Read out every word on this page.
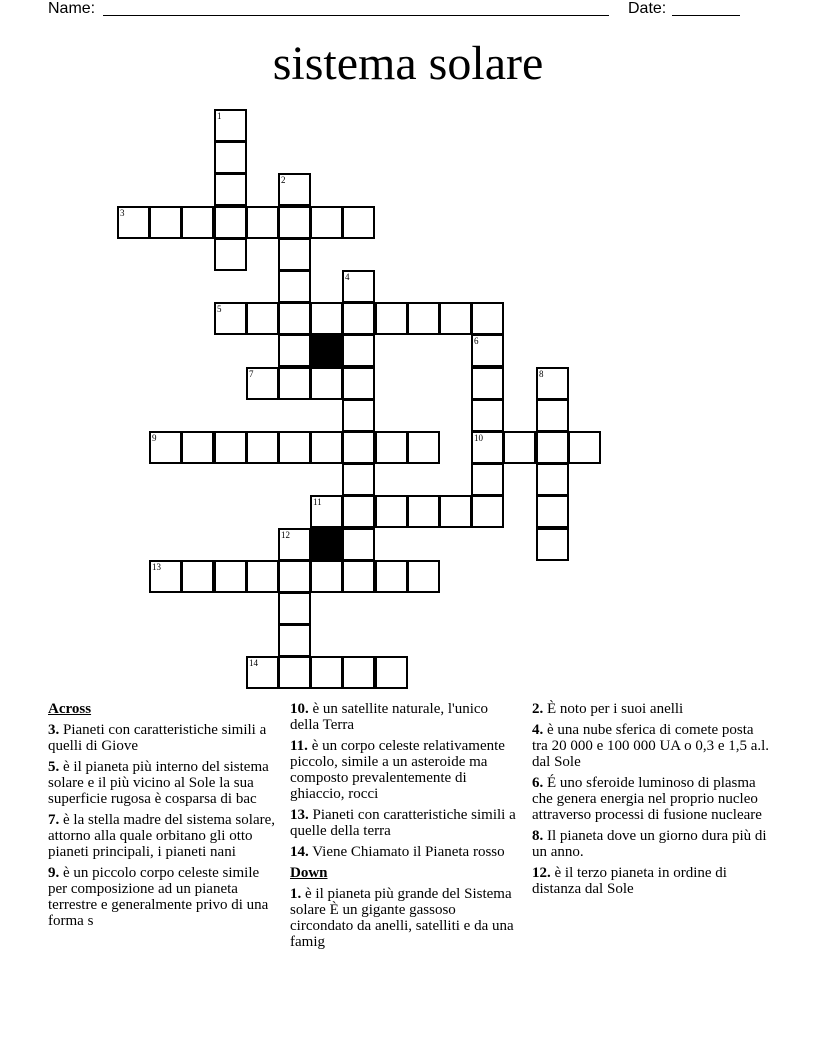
Name:	Date:
sistema solare
1
2
3
4
5
6
10
7	8
9
11
12
13
14
Across
3. Pianeti con caratteristiche simili a quelli di Giove
5. è il pianeta più interno del sistema solare e il più vicino al Sole la sua superficie rugosa è cosparsa di bac
7. è la stella madre del sistema solare, attorno alla quale orbitano gli otto pianeti principali, i pianeti nani
9. è un piccolo corpo celeste simile per composizione ad un pianeta terrestre e generalmente privo di una forma s
10. è un satellite naturale, l'unico della Terra
11. è un corpo celeste relativamente piccolo, simile a un asteroide ma composto prevalentemente di ghiaccio, rocci
13. Pianeti con caratteristiche simili a quelle della terra
14. Viene Chiamato il Pianeta rosso
Down
1. è il pianeta più grande del Sistema solare È un gigante gassoso circondato da anelli, satelliti e da una famig
2. È noto per i suoi anelli
4. è una nube sferica di comete posta tra 20 000 e 100 000 UA o 0,3 e 1,5 a.l. dal Sole
6. É uno sferoide luminoso di plasma che genera energia nel proprio nucleo attraverso processi di fusione nucleare
8. Il pianeta dove un giorno dura più di un anno.
12. è il terzo pianeta in ordine di distanza dal Sole
